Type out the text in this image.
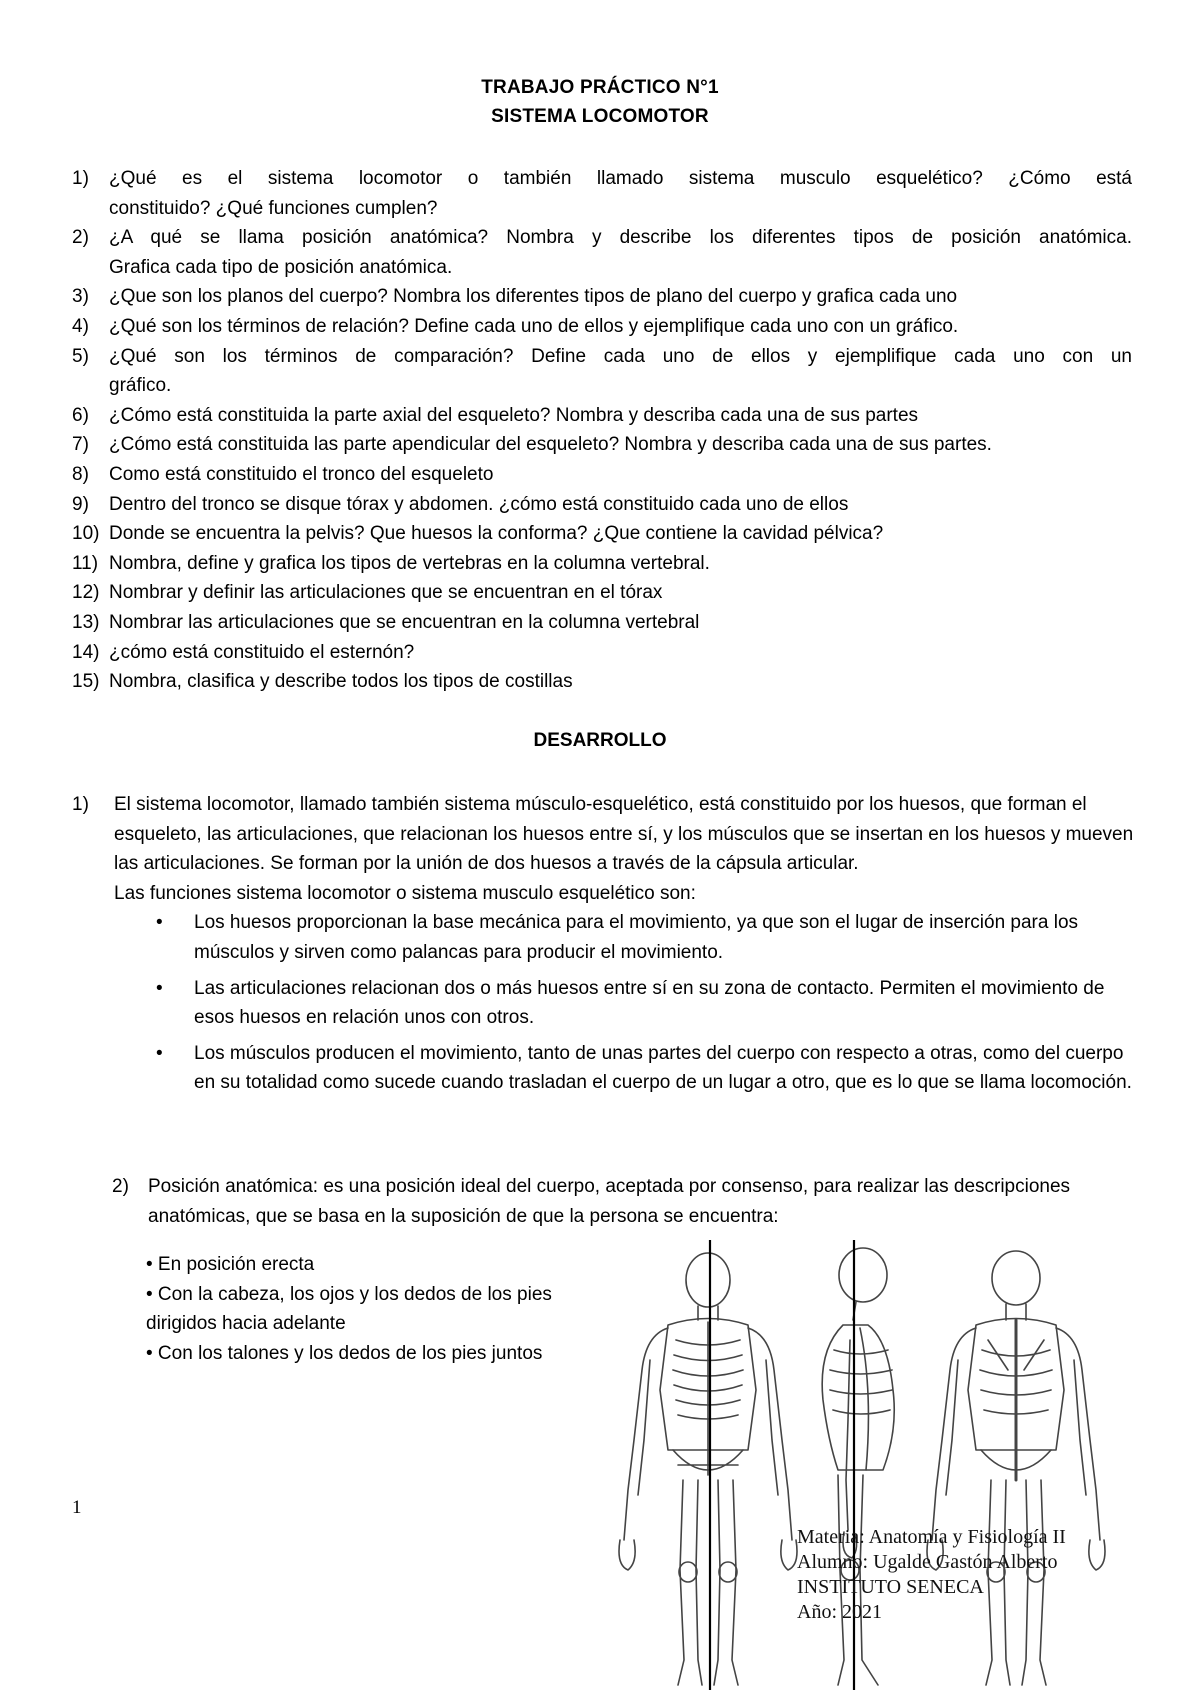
TRABAJO PRÁCTICO N°1
SISTEMA LOCOMOTOR
1) ¿Qué es el sistema locomotor o también llamado sistema musculo esquelético? ¿Cómo está
constituido? ¿Qué funciones cumplen?
2) ¿A qué se llama posición anatómica? Nombra y describe los diferentes tipos de posición anatómica.
Grafica cada tipo de posición anatómica.
3) ¿Que son los planos del cuerpo? Nombra los diferentes tipos de plano del cuerpo y grafica cada uno
4) ¿Qué son los términos de relación? Define cada uno de ellos y ejemplifique cada uno con un gráfico.
5) ¿Qué son los términos de comparación? Define cada uno de ellos y ejemplifique cada uno con un
gráfico.
6) ¿Cómo está constituida la parte axial del esqueleto? Nombra y describa cada una de sus partes
7) ¿Cómo está constituida las parte apendicular del esqueleto? Nombra y describa cada una de sus partes.
8) Como está constituido el tronco del esqueleto
9) Dentro del tronco se disque tórax y abdomen. ¿cómo está constituido cada uno de ellos
10) Donde se encuentra la pelvis? Que huesos la conforma? ¿Que contiene la cavidad pélvica?
11) Nombra, define y grafica los tipos de vertebras en la columna vertebral.
12) Nombrar y definir las articulaciones que se encuentran en el tórax
13) Nombrar las articulaciones que se encuentran en la columna vertebral
14) ¿cómo está constituido el esternón?
15) Nombra, clasifica y describe todos los tipos de costillas
DESARROLLO
1) El sistema locomotor, llamado también sistema músculo-esquelético, está constituido por los huesos, que forman el esqueleto, las articulaciones, que relacionan los huesos entre sí, y los músculos que se insertan en los huesos y mueven las articulaciones. Se forman por la unión de dos huesos a través de la cápsula articular.
Las funciones sistema locomotor o sistema musculo esquelético son:
• Los huesos proporcionan la base mecánica para el movimiento, ya que son el lugar de inserción para los músculos y sirven como palancas para producir el movimiento.
• Las articulaciones relacionan dos o más huesos entre sí en su zona de contacto. Permiten el movimiento de esos huesos en relación unos con otros.
• Los músculos producen el movimiento, tanto de unas partes del cuerpo con respecto a otras, como del cuerpo en su totalidad como sucede cuando trasladan el cuerpo de un lugar a otro, que es lo que se llama locomoción.
2) Posición anatómica: es una posición ideal del cuerpo, aceptada por consenso, para realizar las descripciones anatómicas, que se basa en la suposición de que la persona se encuentra:
• En posición erecta
• Con la cabeza, los ojos y los dedos de los pies dirigidos hacia adelante
• Con los talones y los dedos de los pies juntos
1
Materia: Anatomía y Fisiología II
Alumno: Ugalde Gastón Alberto
INSTITUTO SENECA
Año: 2021
